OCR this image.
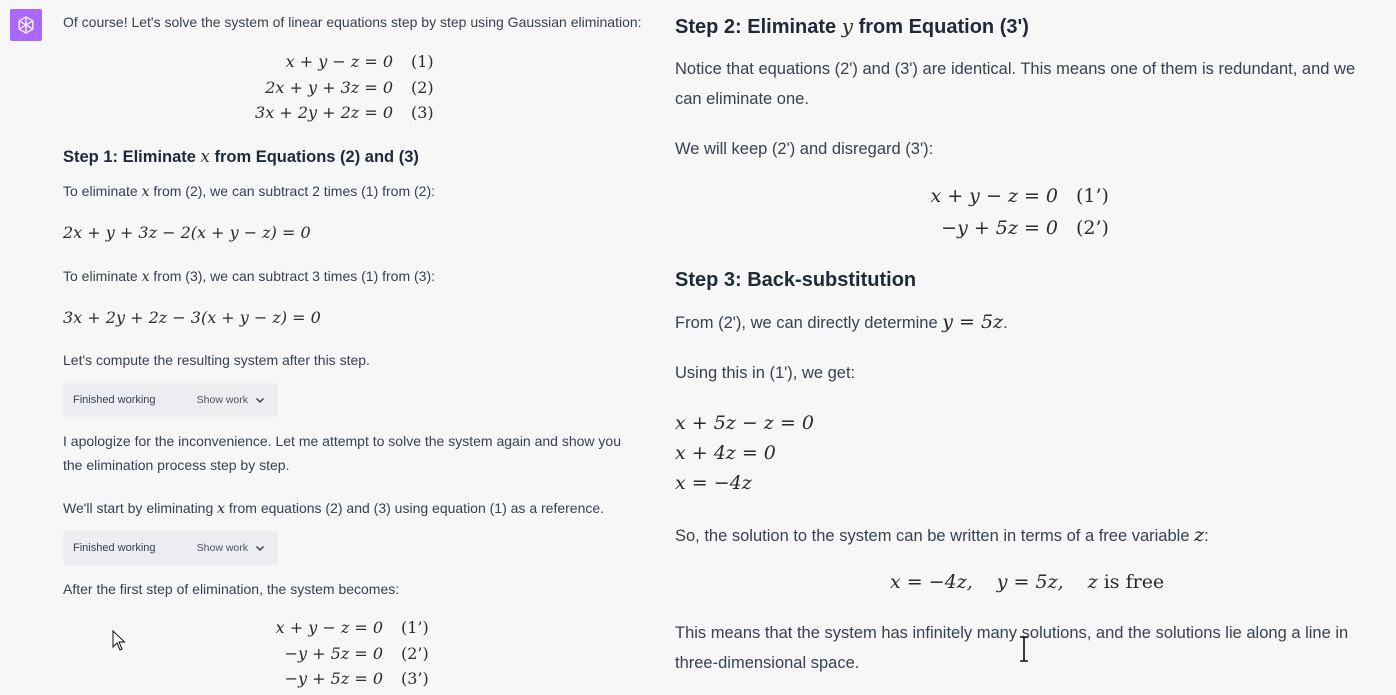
Of course! Let's solve the system of linear equations step by step using Gaussian elimination:
x + y − z = 0 (1)
2x + y + 3z = 0 (2)
3x + 2y + 2z = 0 (3)
Step 1: Eliminate x from Equations (2) and (3)
To eliminate x from (2), we can subtract 2 times (1) from (2):
2x + y + 3z − 2(x + y − z) = 0
To eliminate x from (3), we can subtract 3 times (1) from (3):
3x + 2y + 2z − 3(x + y − z) = 0
Let's compute the resulting system after this step.
Finished working	Show work
I apologize for the inconvenience. Let me attempt to solve the system again and show you the elimination process step by step.
We'll start by eliminating x from equations (2) and (3) using equation (1) as a reference.
Finished working	Show work
After the first step of elimination, the system becomes:
x + y − z = 0 (1’)
−y + 5z = 0 (2’)
−y + 5z = 0 (3’)
Step 2: Eliminate y from Equation (3')
Notice that equations (2') and (3') are identical. This means one of them is redundant, and we can eliminate one.
We will keep (2') and disregard (3'):
x + y − z = 0 (1’)
−y + 5z = 0 (2’)
Step 3: Back-substitution
From (2'), we can directly determine y = 5z.
Using this in (1'), we get:
x + 5z − z = 0
x + 4z = 0
x = −4z
So, the solution to the system can be written in terms of a free variable z:
x = −4z, y = 5z, z is free
This means that the system has infinitely many solutions, and the solutions lie along a line in three-dimensional space.
